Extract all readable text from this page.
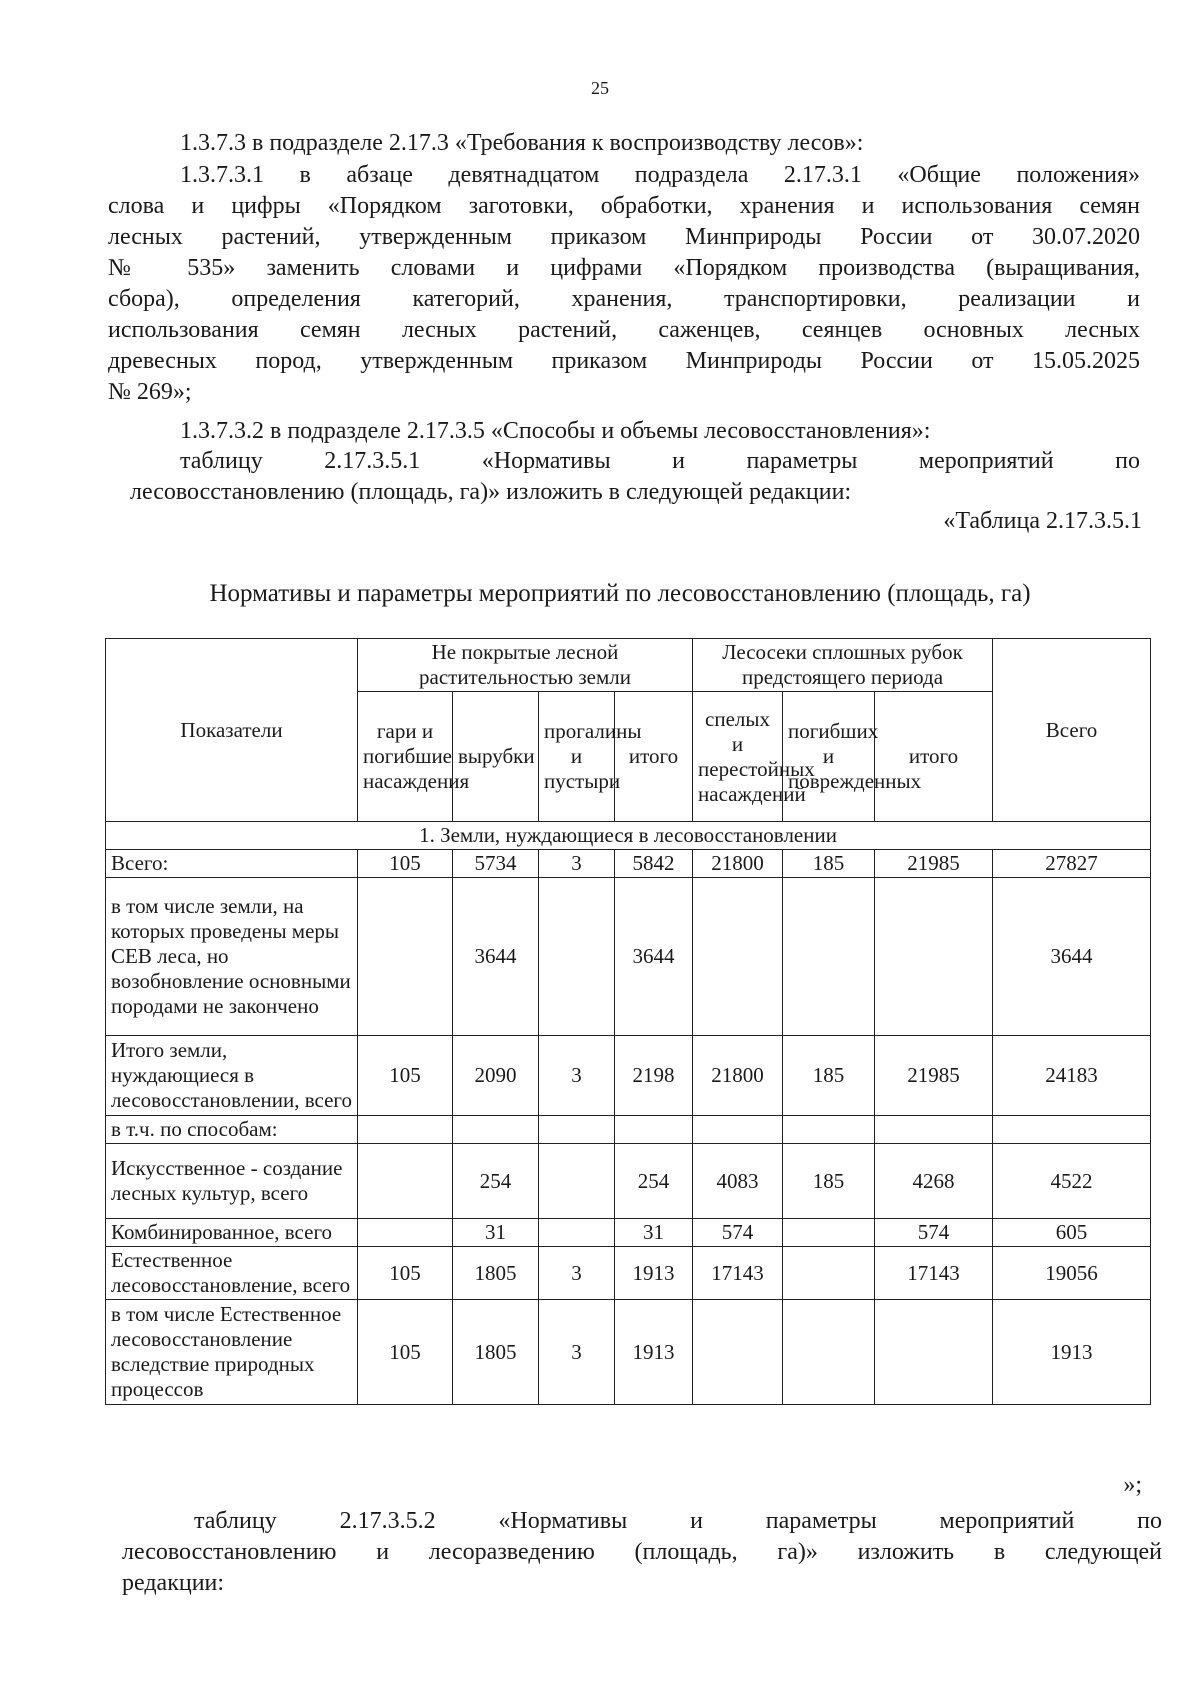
25

1.3.7.3 в подразделе 2.17.3 «Требования к воспроизводству лесов»:

1.3.7.3.1 в абзаце девятнадцатом подраздела 2.17.3.1 «Общие положения»
слова и цифры «Порядком заготовки, обработки, хранения и использования семян
лесных растений, утвержденным приказом Минприроды России от 30.07.2020
№ 535» заменить словами и цифрами «Порядком производства (выращивания,
сбора), определения категорий, хранения, транспортировки, реализации и
использования семян лесных растений, саженцев, сеянцев основных лесных
древесных пород, утвержденным приказом Минприроды России от 15.05.2025
№ 269»;

1.3.7.3.2 в подразделе 2.17.3.5 «Способы и объемы лесовосстановления»:

таблицу 2.17.3.5.1 «Нормативы и параметры мероприятий по
лесовосстановлению (площадь, га)» изложить в следующей редакции:
«Таблица 2.17.3.5.1
Нормативы и параметры мероприятий по лесовосстановлению (площадь, га)
Показатели	Не покрытые лесной растительностью земли				Лесосеки сплошных рубок предстоящего периода			Всего
	гари и погибшие насаждения	вырубки	прогалины и пустыри	итого	спелых и перестойных насаждений	погибших и поврежденных	итого	
1. Земли, нуждающиеся в лесовосстановлении								
Всего:	105	5734	3	5842	21800	185	21985	27827
в том числе земли, на которых проведены меры СЕВ леса, но возобновление основными породами не закончено		3644		3644				3644
Итого земли, нуждающиеся в лесовосстановлении, всего	105	2090	3	2198	21800	185	21985	24183
в т.ч. по способам:								
Искусственное - создание лесных культур, всего		254		254	4083	185	4268	4522
Комбинированное, всего		31		31	574		574	605
Естественное лесовосстановление, всего	105	1805	3	1913	17143		17143	19056
в том числе Естественное лесовосстановление вследствие природных процессов	105	1805	3	1913				1913
»;
таблицу 2.17.3.5.2 «Нормативы и параметры мероприятий по
лесовосстановлению и лесоразведению (площадь, га)» изложить в следующей
редакции:
